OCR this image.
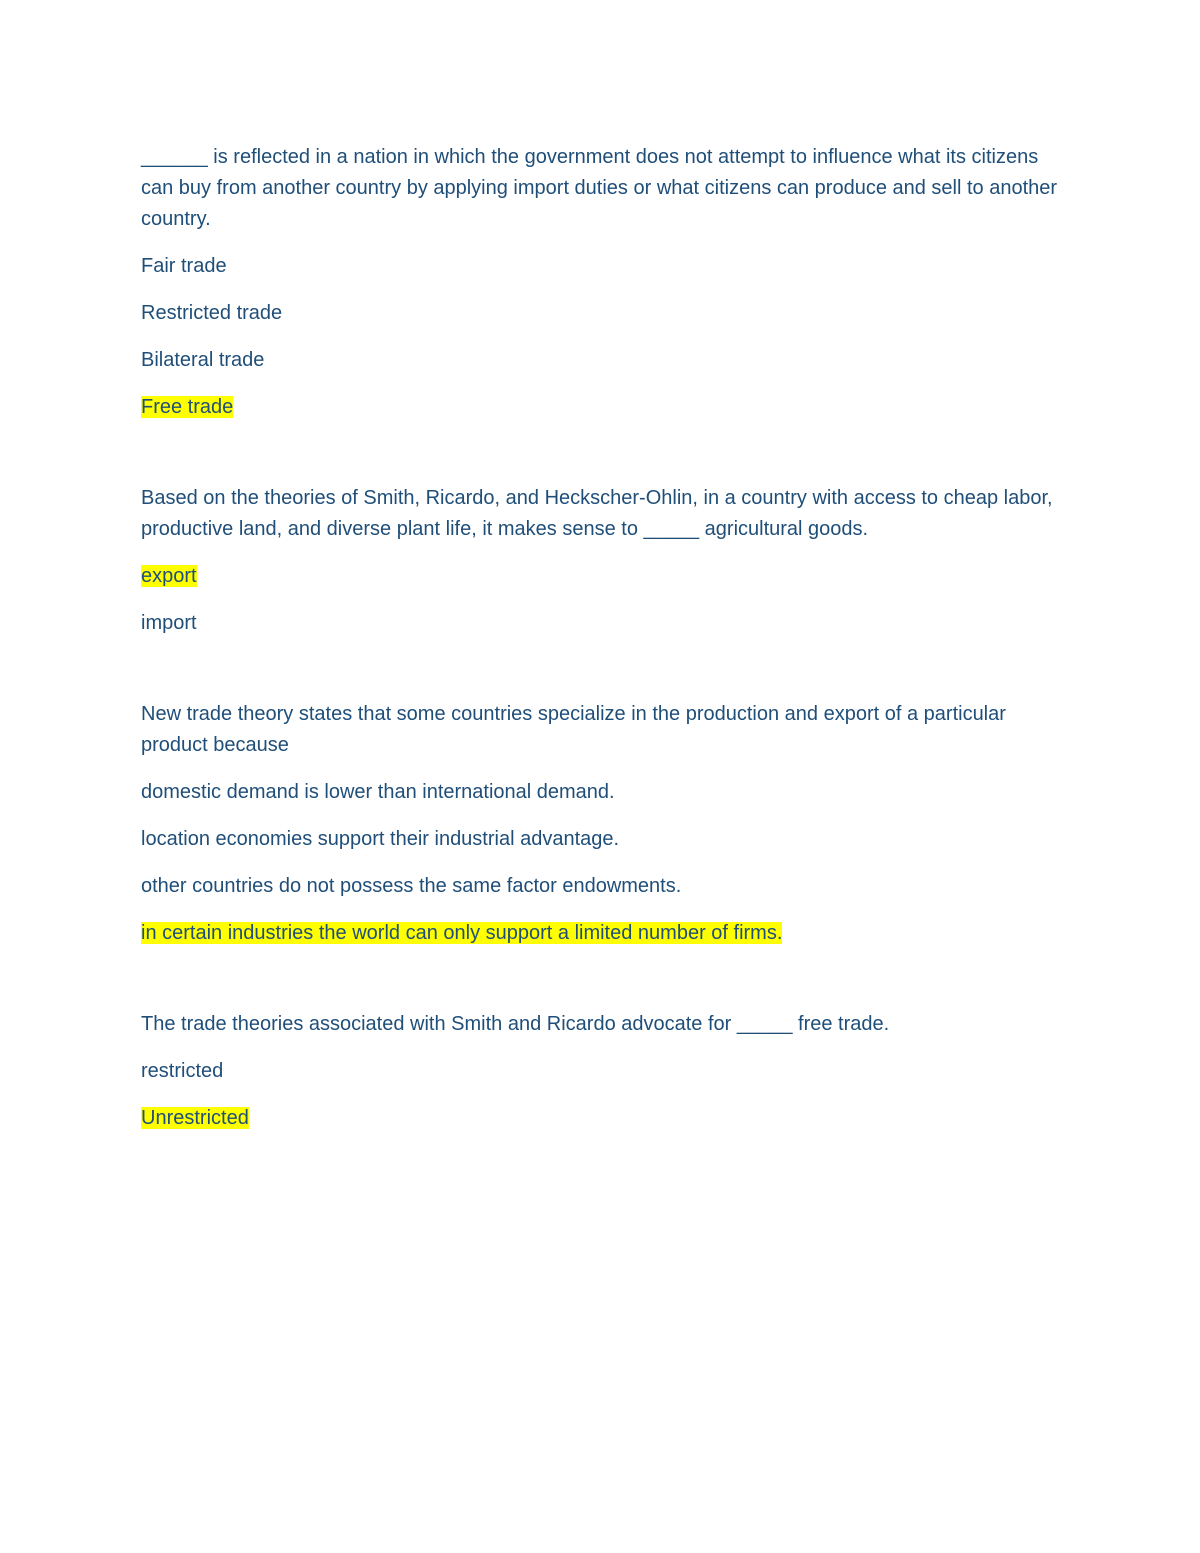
______ is reflected in a nation in which the government does not attempt to influence what its citizens can buy from another country by applying import duties or what citizens can produce and sell to another country.

Fair trade

Restricted trade

Bilateral trade

Free trade

Based on the theories of Smith, Ricardo, and Heckscher-Ohlin, in a country with access to cheap labor, productive land, and diverse plant life, it makes sense to _____ agricultural goods.

export

import

New trade theory states that some countries specialize in the production and export of a particular product because

domestic demand is lower than international demand.

location economies support their industrial advantage.

other countries do not possess the same factor endowments.

in certain industries the world can only support a limited number of firms.

The trade theories associated with Smith and Ricardo advocate for _____ free trade.

restricted

Unrestricted
